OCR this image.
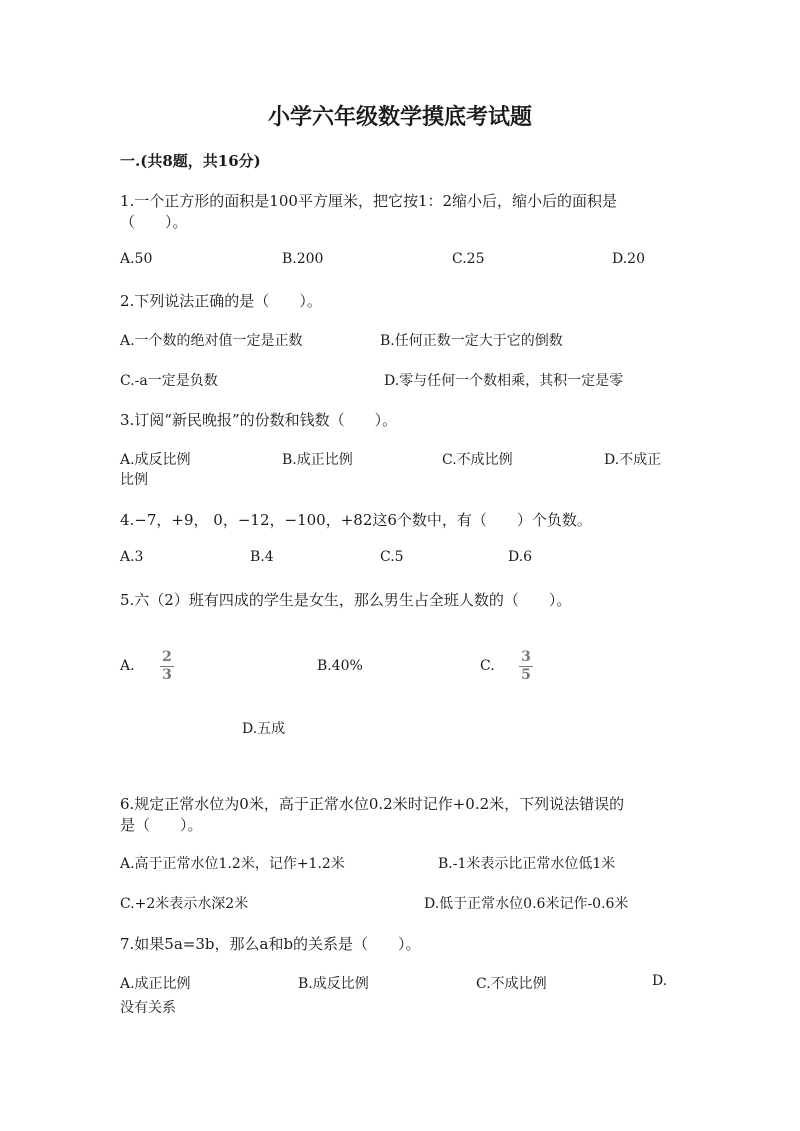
小学六年级数学摸底考试题
一.(共8题，共16分)
1.一个正方形的面积是100平方厘米，把它按1：2缩小后，缩小后的面积是
（　　）。
A.50	B.200	C.25	D.20
2.下列说法正确的是（　　）。
A.一个数的绝对值一定是正数	B.任何正数一定大于它的倒数
C.-a一定是负数	D.零与任何一个数相乘，其积一定是零
3.订阅“新民晚报”的份数和钱数（　　）。
A.成反比例	B.成正比例	C.不成比例	D.不成正
比例
4.−7，+9， 0，−12，−100，+82这6个数中，有（　　）个负数。
A.3	B.4	C.5	D.6
5.六（2）班有四成的学生是女生，那么男生占全班人数的（　　）。
A.
2
3
B.40%	C.
3
5
D.五成
6.规定正常水位为0米，高于正常水位0.2米时记作+0.2米，下列说法错误的
是（　　）。
A.高于正常水位1.2米，记作+1.2米	B.-1米表示比正常水位低1米
C.+2米表示水深2米	D.低于正常水位0.6米记作-0.6米
7.如果5a=3b，那么a和b的关系是（　　）。
A.成正比例	B.成反比例	C.不成比例	D.
没有关系
